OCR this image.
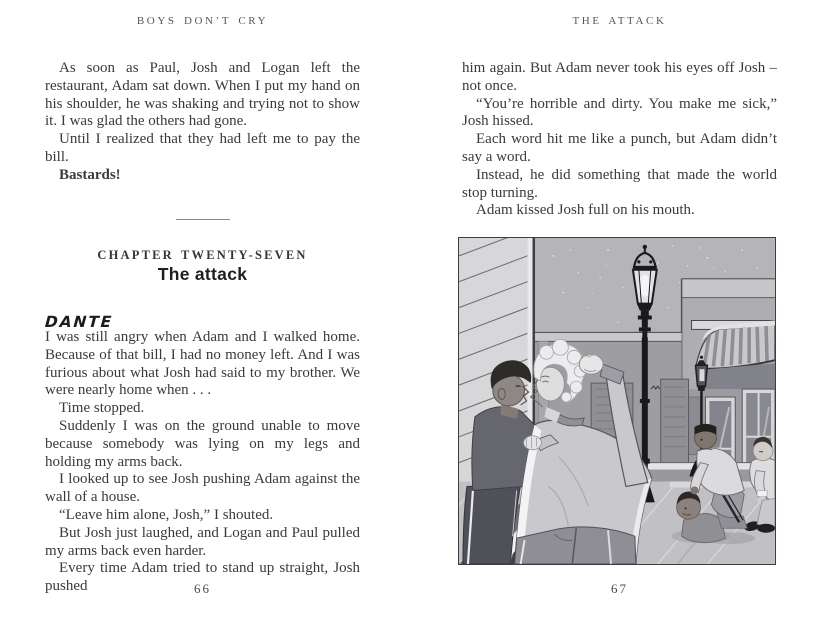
BOYS DON’T CRY

As soon as Paul, Josh and Logan left the restaurant, Adam sat down. When I put my hand on his shoulder, he was shaking and trying not to show it. I was glad the others had gone.

Until I realized that they had left me to pay the bill.

Bastards!

CHAPTER TWENTY-SEVEN
The attack
DANTE

I was still angry when Adam and I walked home. Because of that bill, I had no money left. And I was furious about what Josh had said to my brother. We were nearly home when . . .

Time stopped.

Suddenly I was on the ground unable to move because somebody was lying on my legs and holding my arms back.

I looked up to see Josh pushing Adam against the wall of a house.

“Leave him alone, Josh,” I shouted.

But Josh just laughed, and Logan and Paul pulled my arms back even harder.

Every time Adam tried to stand up straight, Josh pushed	66
THE ATTACK

him again. But Adam never took his eyes off Josh – not once.

“You’re horrible and dirty. You make me sick,” Josh hissed.

Each word hit me like a punch, but Adam didn’t say a word.

Instead, he did something that made the world stop turning.

Adam kissed Josh full on his mouth.

67
